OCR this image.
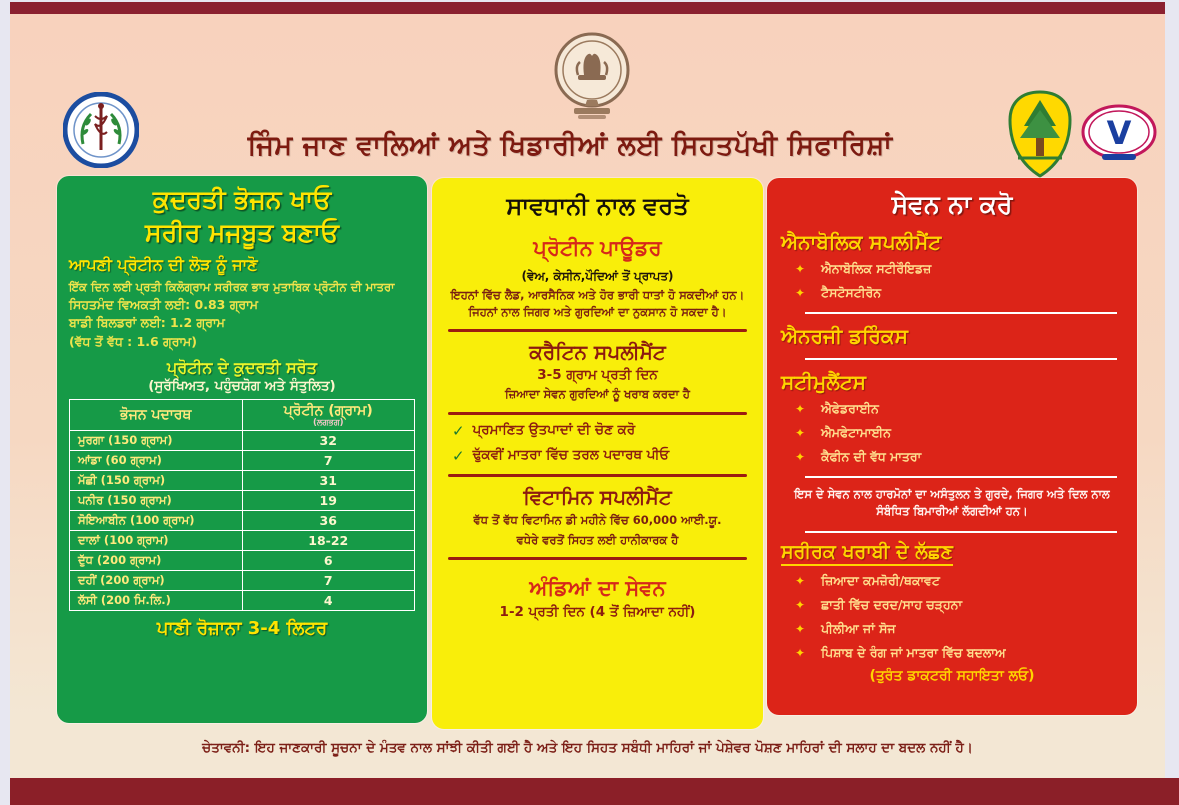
ਜਿੰਮ ਜਾਣ ਵਾਲਿਆਂ ਅਤੇ ਖਿਡਾਰੀਆਂ ਲਈ ਸਿਹਤਪੱਖੀ ਸਿਫਾਰਿਸ਼ਾਂ	V
ਕੁਦਰਤੀ ਭੋਜਨ ਖਾਓ
ਸਰੀਰ ਮਜਬੂਤ ਬਣਾਓ
ਆਪਣੀ ਪ੍ਰੋਟੀਨ ਦੀ ਲੋੜ ਨੂੰ ਜਾਣੋ
ਇੱਕ ਦਿਨ ਲਈ ਪ੍ਰਤੀ ਕਿਲੋਗ੍ਰਾਮ ਸਰੀਰਕ ਭਾਰ ਮੁਤਾਬਿਕ ਪ੍ਰੋਟੀਨ ਦੀ ਮਾਤਰਾ
ਸਿਹਤਮੰਦ ਵਿਅਕਤੀ ਲਈ: 0.83 ਗ੍ਰਾਮ
ਬਾਡੀ ਬਿਲਡਰਾਂ ਲਈ: 1.2 ਗ੍ਰਾਮ
(ਵੱਧ ਤੋਂ ਵੱਧ : 1.6 ਗ੍ਰਾਮ)
ਪ੍ਰੋਟੀਨ ਦੇ ਕੁਦਰਤੀ ਸਰੋਤ
(ਸੁਰੱਖਿਅਤ, ਪਹੁੰਚਯੋਗ ਅਤੇ ਸੰਤੁਲਿਤ)
ਭੋਜਨ ਪਦਾਰਥ	ਪ੍ਰੋਟੀਨ (ਗ੍ਰਾਮ)
(ਲਗਭਗ)

ਮੁਰਗਾ (150 ਗ੍ਰਾਮ)	32
ਆਂਡਾ (60 ਗ੍ਰਾਮ)	7
ਮੱਛੀ (150 ਗ੍ਰਾਮ)	31
ਪਨੀਰ (150 ਗ੍ਰਾਮ)	19
ਸੋਇਆਬੀਨ (100 ਗ੍ਰਾਮ)	36
ਦਾਲਾਂ (100 ਗ੍ਰਾਮ)	18-22
ਦੁੱਧ (200 ਗ੍ਰਾਮ)	6
ਦਹੀਂ (200 ਗ੍ਰਾਮ)	7
ਲੱਸੀ (200 ਮਿ.ਲਿ.)	4
ਪਾਣੀ ਰੋਜ਼ਾਨਾ 3-4 ਲਿਟਰ
ਸਾਵਧਾਨੀ ਨਾਲ ਵਰਤੋ
ਪ੍ਰੋਟੀਨ ਪਾਊਡਰ
(ਵੇਅ, ਕੇਸੀਨ,ਪੌਦਿਆਂ ਤੋਂ ਪ੍ਰਾਪਤ)
ਇਹਨਾਂ ਵਿੱਚ ਲੈਡ, ਆਰਸੈਨਿਕ ਅਤੇ ਹੋਰ ਭਾਰੀ ਧਾਤਾਂ ਹੋ ਸਕਦੀਆਂ ਹਨ। ਜਿਹਨਾਂ ਨਾਲ ਜਿਗਰ ਅਤੇ ਗੁਰਦਿਆਂ ਦਾ ਨੁਕਸਾਨ ਹੋ ਸਕਦਾ ਹੈ।
ਕਰੈਟਿਨ ਸਪਲੀਮੈਂਟ
3-5 ਗ੍ਰਾਮ ਪ੍ਰਤੀ ਦਿਨ
ਜ਼ਿਆਦਾ ਸੇਵਨ ਗੁਰਦਿਆਂ ਨੂੰ ਖਰਾਬ ਕਰਦਾ ਹੈ
✓ ਪ੍ਰਮਾਣਿਤ ਉਤਪਾਦਾਂ ਦੀ ਚੋਣ ਕਰੋ
✓ ਢੁੱਕਵੀਂ ਮਾਤਰਾ ਵਿੱਚ ਤਰਲ ਪਦਾਰਥ ਪੀਓ
ਵਿਟਾਮਿਨ ਸਪਲੀਮੈਂਟ
ਵੱਧ ਤੋਂ ਵੱਧ ਵਿਟਾਮਿਨ ਡੀ ਮਹੀਨੇ ਵਿੱਚ 60,000 ਆਈ.ਯੂ.
ਵਧੇਰੇ ਵਰਤੋਂ ਸਿਹਤ ਲਈ ਹਾਨੀਕਾਰਕ ਹੈ
ਅੰਡਿਆਂ ਦਾ ਸੇਵਨ
1-2 ਪ੍ਰਤੀ ਦਿਨ (4 ਤੋਂ ਜ਼ਿਆਦਾ ਨਹੀਂ)
ਸੇਵਨ ਨਾ ਕਰੋ
ਐਨਾਬੋਲਿਕ ਸਪਲੀਮੈਂਟ
✦ ਐਨਾਬੋਲਿਕ ਸਟੀਰੌਇਡਜ਼
✦ ਟੈਸਟੋਸਟੀਰੋਨ
ਐਨਰਜੀ ਡਰਿੰਕਸ
ਸਟੀਮੁਲੈਂਟਸ
✦ ਐਫੇਡਰਾਈਨ
✦ ਐਮਫੇਟਾਮਾਈਨ
✦ ਕੈਫੀਨ ਦੀ ਵੱਧ ਮਾਤਰਾ
ਇਸ ਦੇ ਸੇਵਨ ਨਾਲ ਹਾਰਮੋਨਾਂ ਦਾ ਅਸੰਤੁਲਨ ਤੇ ਗੁਰਦੇ, ਜਿਗਰ ਅਤੇ ਦਿਲ ਨਾਲ ਸੰਬੰਧਿਤ ਬਿਮਾਰੀਆਂ ਲੱਗਦੀਆਂ ਹਨ।
ਸਰੀਰਕ ਖਰਾਬੀ ਦੇ ਲੱਛਣ
✦ ਜ਼ਿਆਦਾ ਕਮਜ਼ੋਰੀ/ਥਕਾਵਟ
✦ ਛਾਤੀ ਵਿੱਚ ਦਰਦ/ਸਾਹ ਚੜ੍ਹਨਾ
✦ ਪੀਲੀਆ ਜਾਂ ਸੋਜ
✦ ਪਿਸ਼ਾਬ ਦੇ ਰੰਗ ਜਾਂ ਮਾਤਰਾ ਵਿੱਚ ਬਦਲਾਅ
(ਤੁਰੰਤ ਡਾਕਟਰੀ ਸਹਾਇਤਾ ਲਓ)
ਚੇਤਾਵਨੀ: ਇਹ ਜਾਣਕਾਰੀ ਸੂਚਨਾ ਦੇ ਮੰਤਵ ਨਾਲ ਸਾਂਝੀ ਕੀਤੀ ਗਈ ਹੈ ਅਤੇ ਇਹ ਸਿਹਤ ਸਬੰਧੀ ਮਾਹਿਰਾਂ ਜਾਂ ਪੇਸ਼ੇਵਰ ਪੋਸ਼ਣ ਮਾਹਿਰਾਂ ਦੀ ਸਲਾਹ ਦਾ ਬਦਲ ਨਹੀਂ ਹੈ।
